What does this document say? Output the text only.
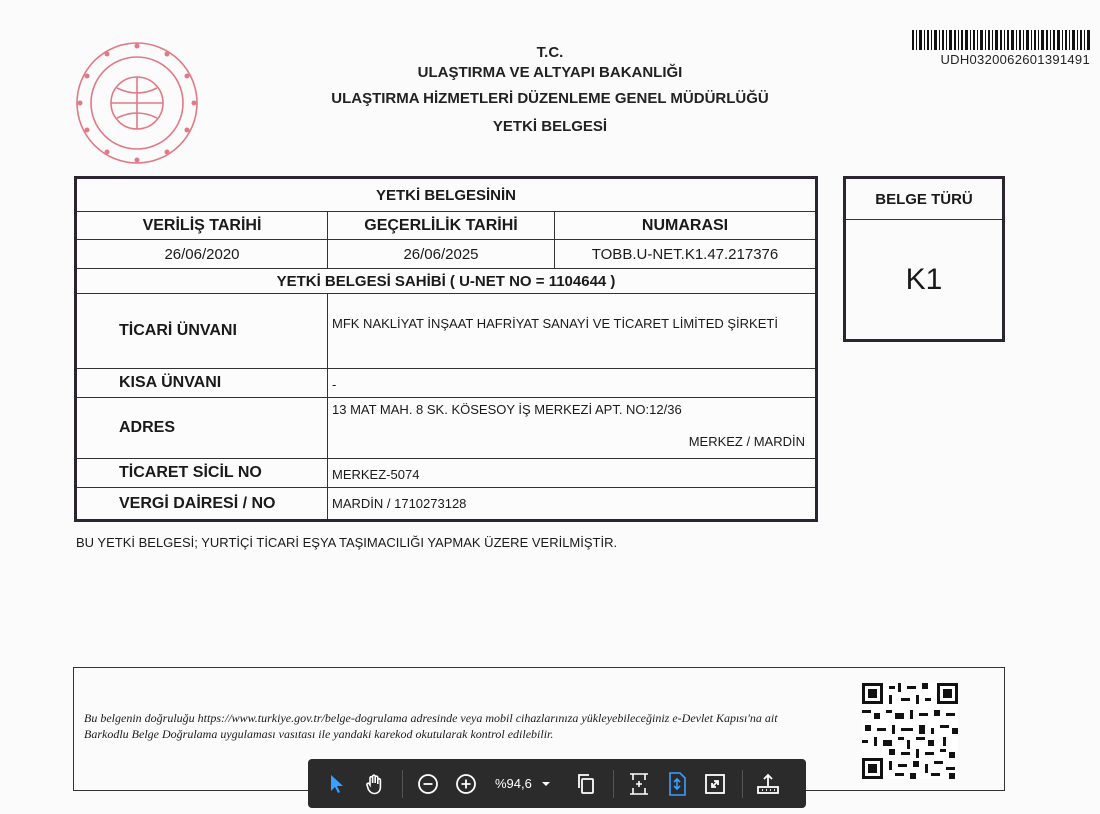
UDH0320062601391491
T.C.
ULAŞTIRMA VE ALTYAPI BAKANLIĞI
ULAŞTIRMA HİZMETLERİ DÜZENLEME GENEL MÜDÜRLÜĞÜ
YETKİ BELGESİ
YETKİ BELGESİNİN
VERİLİŞ TARİHİ	GEÇERLİLİK TARİHİ	NUMARASI
26/06/2020	26/06/2025	TOBB.U-NET.K1.47.217376
YETKİ BELGESİ SAHİBİ ( U-NET NO = 1104644 )
TİCARİ ÜNVANI	MFK NAKLİYAT İNŞAAT HAFRİYAT SANAYİ VE TİCARET LİMİTED ŞİRKETİ
KISA ÜNVANI	-
ADRES
13 MAT MAH. 8 SK. KÖSESOY İŞ MERKEZİ APT. NO:12/36
MERKEZ / MARDİN
TİCARET SİCİL NO	MERKEZ-5074
VERGİ DAİRESİ / NO	MARDİN / 1710273128
BELGE TÜRÜ
K1
BU YETKİ BELGESİ; YURTİÇİ TİCARİ EŞYA TAŞIMACILIĞI YAPMAK ÜZERE VERİLMİŞTİR.
Bu belgenin doğruluğu https://www.turkiye.gov.tr/belge-dogrulama adresinde veya mobil cihazlarınıza yükleyebileceğiniz e-Devlet Kapısı'na ait Barkodlu Belge Doğrulama uygulaması vasıtası ile yandaki karekod okutularak kontrol edilebilir.
%94,6
